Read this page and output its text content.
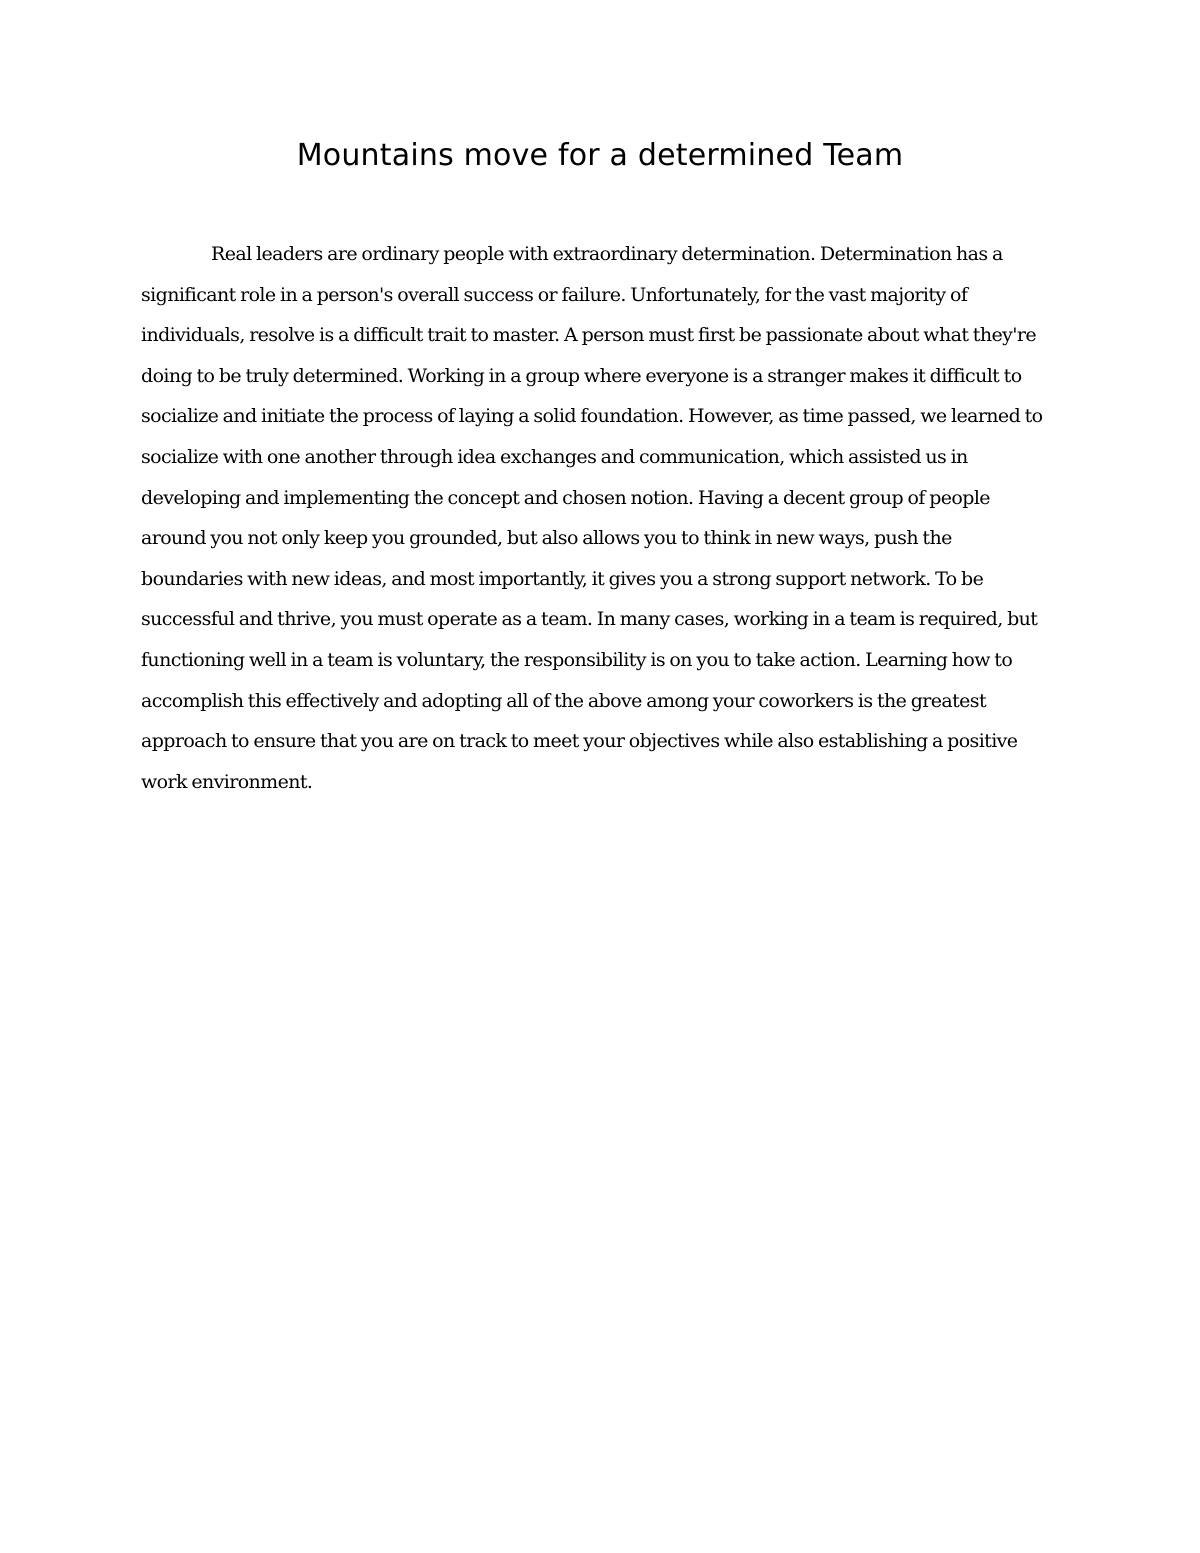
Mountains move for a determined Team

Real leaders are ordinary people with extraordinary determination. Determination has a significant role in a person's overall success or failure. Unfortunately, for the vast majority of individuals, resolve is a difficult trait to master. A person must first be passionate about what they're doing to be truly determined. Working in a group where everyone is a stranger makes it difficult to socialize and initiate the process of laying a solid foundation. However, as time passed, we learned to socialize with one another through idea exchanges and communication, which assisted us in developing and implementing the concept and chosen notion. Having a decent group of people around you not only keep you grounded, but also allows you to think in new ways, push the boundaries with new ideas, and most importantly, it gives you a strong support network. To be successful and thrive, you must operate as a team. In many cases, working in a team is required, but functioning well in a team is voluntary, the responsibility is on you to take action. Learning how to accomplish this effectively and adopting all of the above among your coworkers is the greatest approach to ensure that you are on track to meet your objectives while also establishing a positive work environment.
